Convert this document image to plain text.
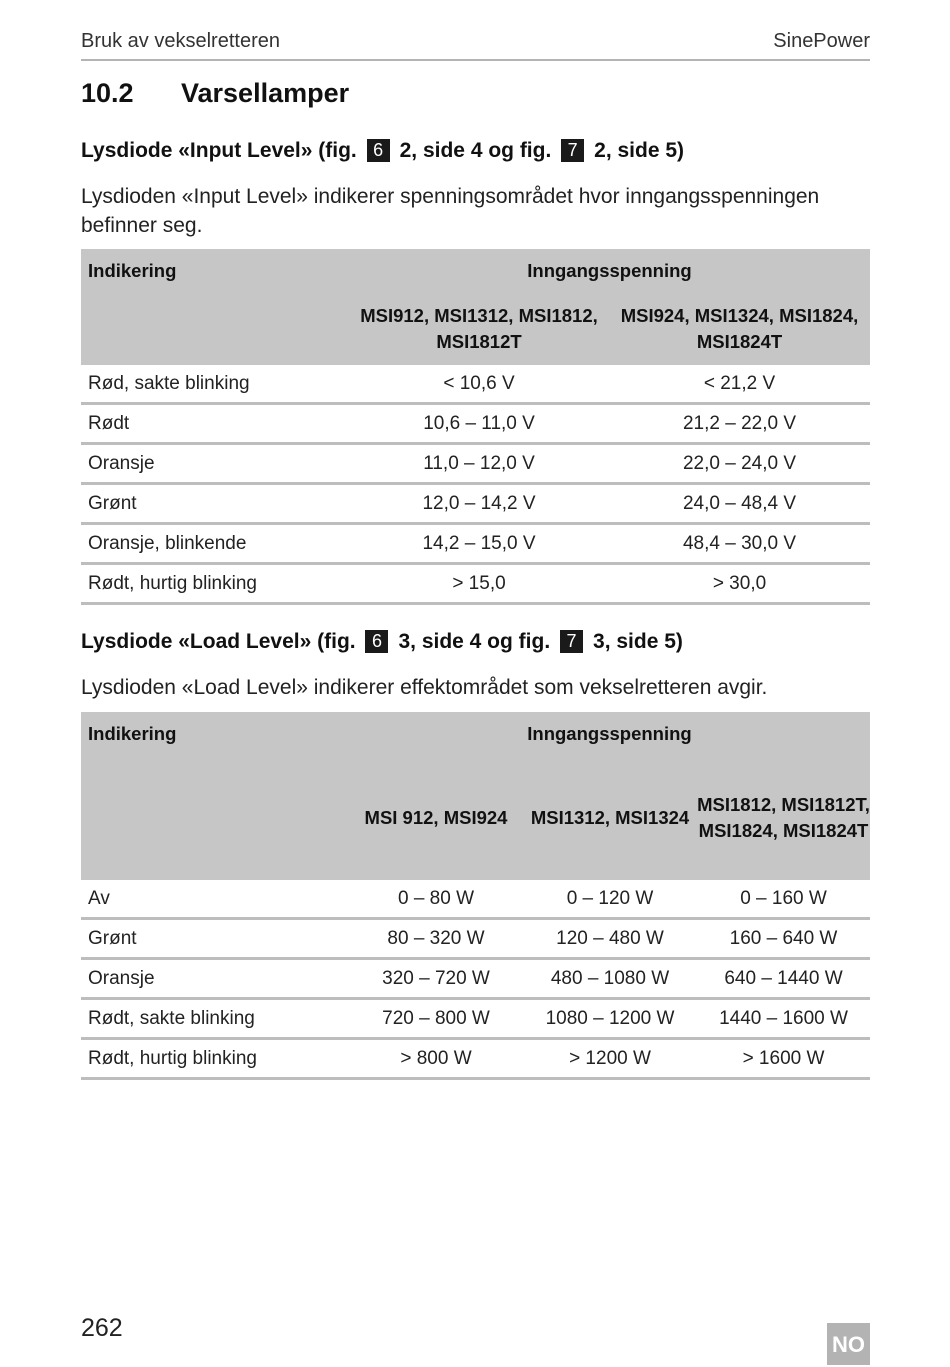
Bruk av vekselretteren	SinePower
10.2 Varsellamper
Lysdiode «Input Level» (fig. 6 2, side 4 og fig. 7 2, side 5)
Lysdioden «Input Level» indikerer spenningsområdet hvor inngangsspenningen befinner seg.
Indikering	Inngangsspenning	
	MSI912, MSI1312, MSI1812, MSI1812T	MSI924, MSI1324, MSI1824, MSI1824T
Rød, sakte blinking	< 10,6 V	< 21,2 V
Rødt	10,6 – 11,0 V	21,2 – 22,0 V
Oransje	11,0 – 12,0 V	22,0 – 24,0 V
Grønt	12,0 – 14,2 V	24,0 – 48,4 V
Oransje, blinkende	14,2 – 15,0 V	48,4 – 30,0 V
Rødt, hurtig blinking	> 15,0	> 30,0
Lysdiode «Load Level» (fig. 6 3, side 4 og fig. 7 3, side 5)
Lysdioden «Load Level» indikerer effektområdet som vekselretteren avgir.
Indikering	Inngangsspenning		
	MSI 912, MSI924	MSI1312, MSI1324	MSI1812, MSI1812T, MSI1824, MSI1824T
Av	0 – 80 W	0 – 120 W	0 – 160 W
Grønt	80 – 320 W	120 – 480 W	160 – 640 W
Oransje	320 – 720 W	480 – 1080 W	640 – 1440 W
Rødt, sakte blinking	720 – 800 W	1080 – 1200 W	1440 – 1600 W
Rødt, hurtig blinking	> 800 W	> 1200 W	> 1600 W
262
NO
